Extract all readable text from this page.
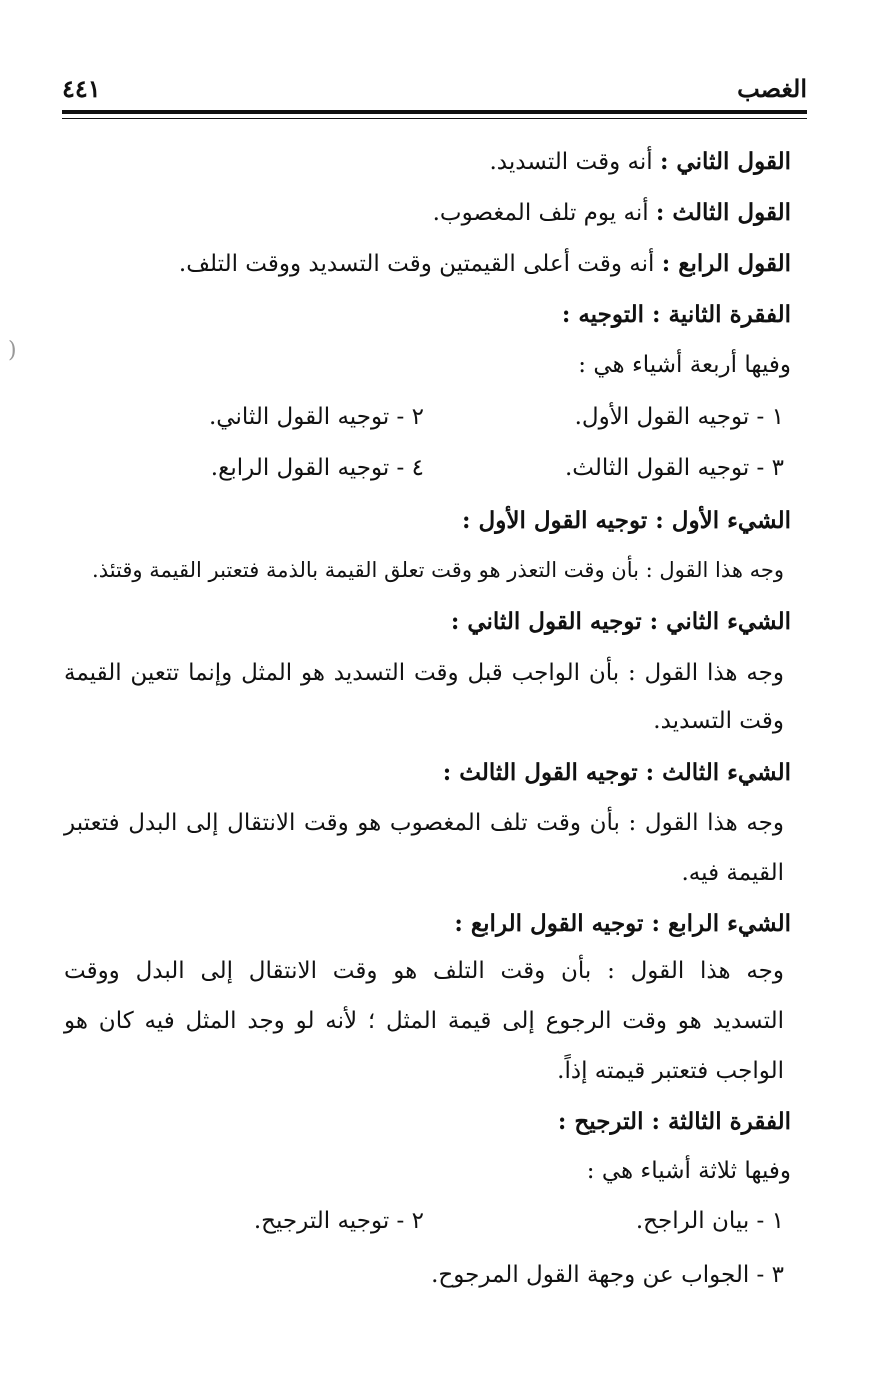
الغصب
٤٤١
القول الثاني : أنه وقت التسديد.
القول الثالث : أنه يوم تلف المغصوب.
القول الرابع : أنه وقت أعلى القيمتين وقت التسديد ووقت التلف.
الفقرة الثانية : التوجيه :
وفيها أربعة أشياء هي :
١ - توجيه القول الأول.
٢ - توجيه القول الثاني.
٣ - توجيه القول الثالث.
٤ - توجيه القول الرابع.
الشيء الأول : توجيه القول الأول :
وجه هذا القول : بأن وقت التعذر هو وقت تعلق القيمة بالذمة فتعتبر القيمة وقتئذ.
الشيء الثاني : توجيه القول الثاني :
وجه هذا القول : بأن الواجب قبل وقت التسديد هو المثل وإنما تتعين القيمة
وقت التسديد.
الشيء الثالث : توجيه القول الثالث :
وجه هذا القول : بأن وقت تلف المغصوب هو وقت الانتقال إلى البدل فتعتبر
القيمة فيه.
الشيء الرابع : توجيه القول الرابع :
وجه هذا القول : بأن وقت التلف هو وقت الانتقال إلى البدل ووقت
التسديد هو وقت الرجوع إلى قيمة المثل ؛ لأنه لو وجد المثل فيه كان هو
الواجب فتعتبر قيمته إذاً.
الفقرة الثالثة : الترجيح :
وفيها ثلاثة أشياء هي :
١ - بيان الراجح.
٢ - توجيه الترجيح.
٣ - الجواب عن وجهة القول المرجوح.
)
